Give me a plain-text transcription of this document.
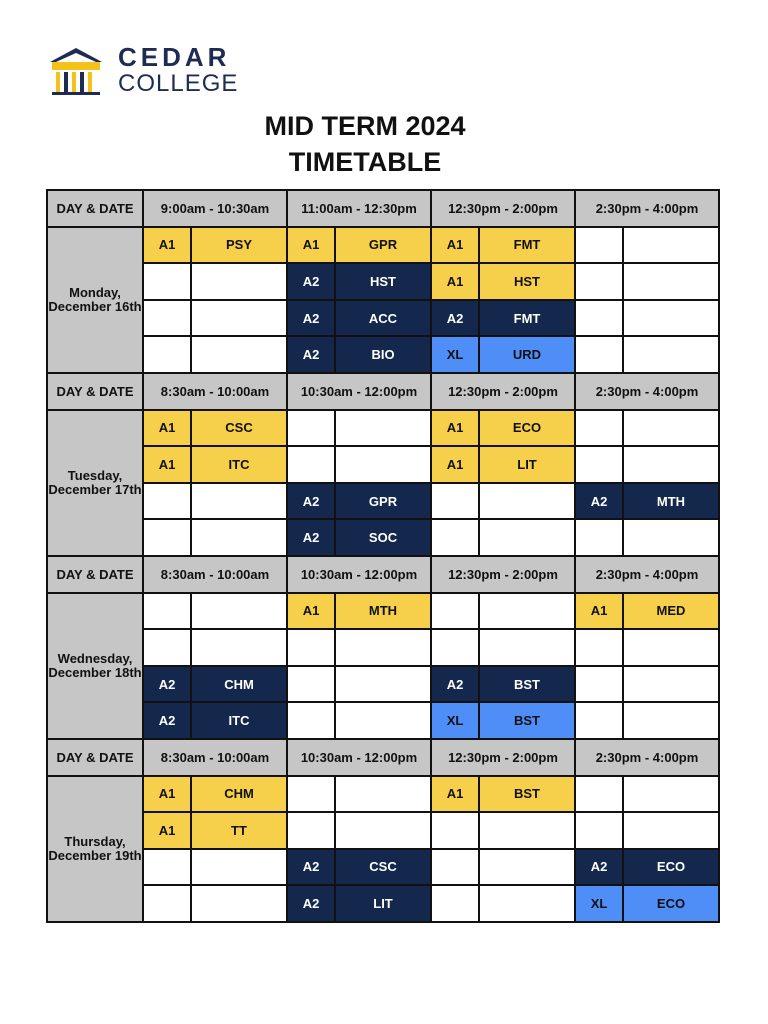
CEDAR
COLLEGE
MID TERM 2024
TIMETABLE
DAY & DATE	9:00am - 10:30am		11:00am - 12:30pm		12:30pm - 2:00pm		2:30pm - 4:00pm	

Monday,
December 16th	A1	PSY	A1	GPR	A1	FMT		
			A2	HST	A1	HST		
			A2	ACC	A2	FMT		
			A2	BIO	XL	URD		
DAY & DATE	8:30am - 10:00am		10:30am - 12:00pm		12:30pm - 2:00pm		2:30pm - 4:00pm	

Tuesday,
December 17th	A1	CSC			A1	ECO		
	A1	ITC			A1	LIT		
			A2	GPR			A2	MTH
			A2	SOC				
DAY & DATE	8:30am - 10:00am		10:30am - 12:00pm		12:30pm - 2:00pm		2:30pm - 4:00pm	

Wednesday,
December 18th			A1	MTH			A1	MED

	A2	CHM			A2	BST		
	A2	ITC			XL	BST		
DAY & DATE	8:30am - 10:00am		10:30am - 12:00pm		12:30pm - 2:00pm		2:30pm - 4:00pm	

Thursday,
December 19th	A1	CHM			A1	BST		
	A1	TT						
			A2	CSC			A2	ECO
			A2	LIT			XL	ECO
